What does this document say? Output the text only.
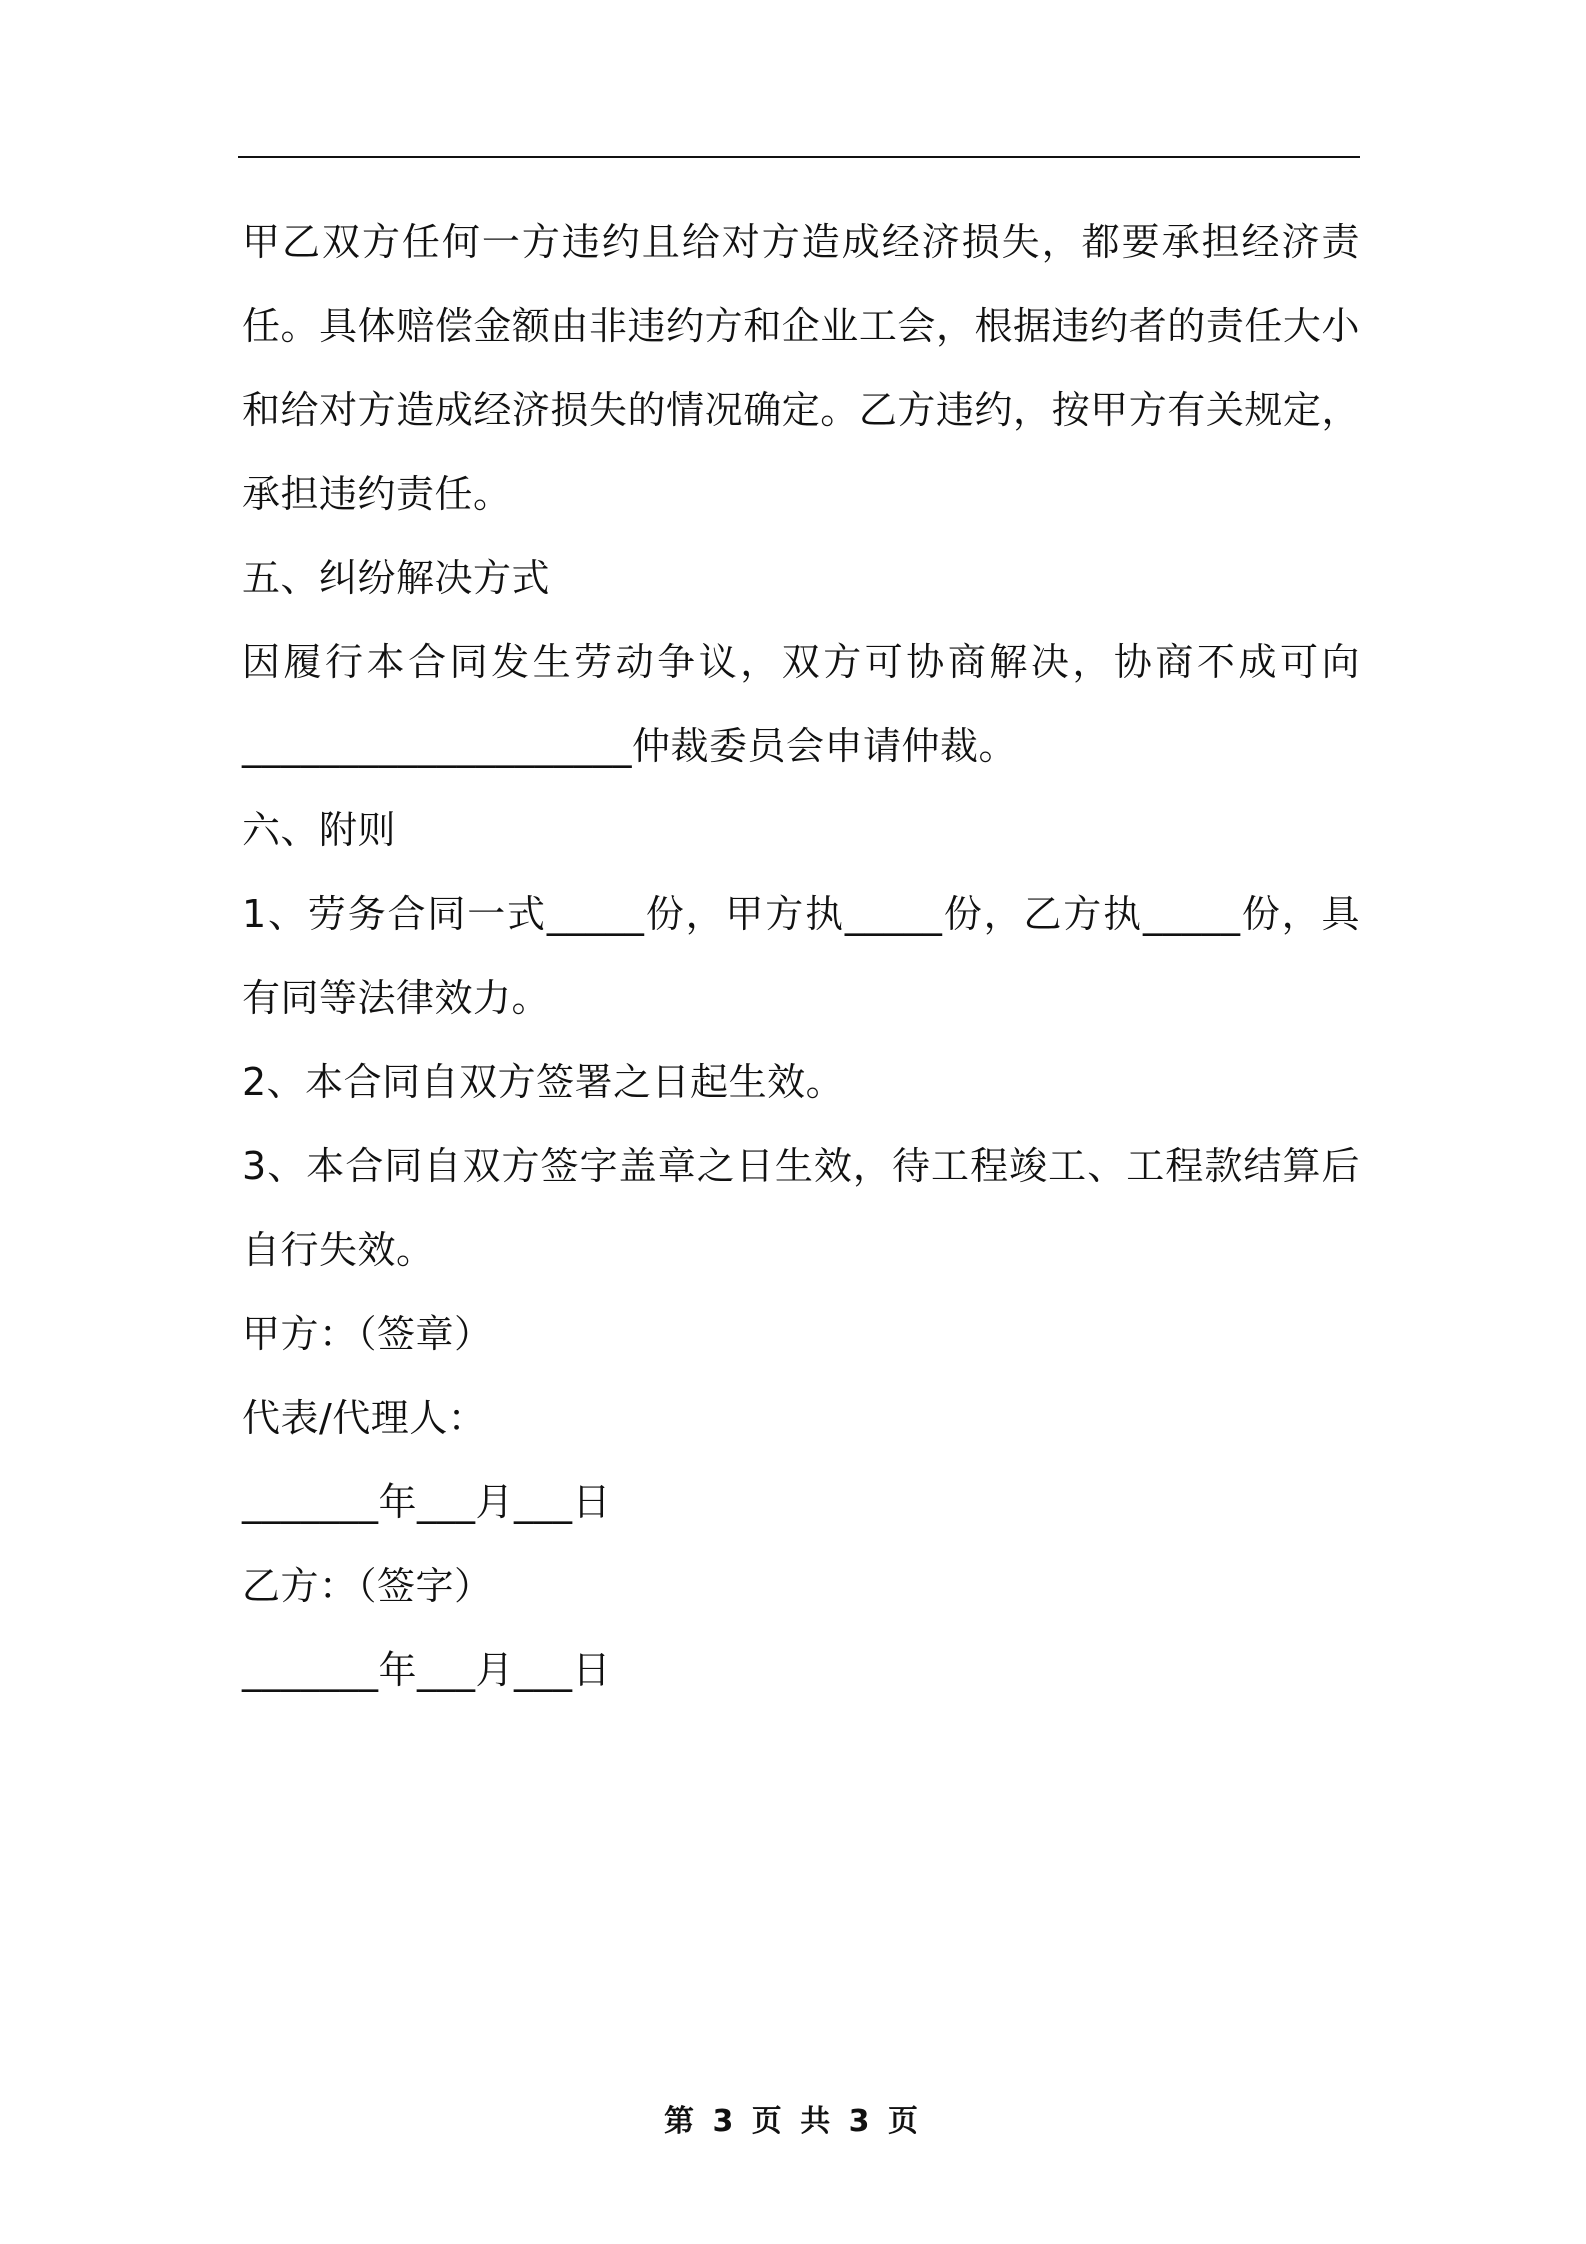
甲乙双方任何一方违约且给对方造成经济损失，都要承担经济责任。具体赔偿金额由非违约方和企业工会，根据违约者的责任大小和给对方造成经济损失的情况确定。乙方违约，按甲方有关规定，承担违约责任。

五、纠纷解决方式

因履行本合同发生劳动争议，双方可协商解决，协商不成可向____________________仲裁委员会申请仲裁。

六、附则

1、劳务合同一式_____份，甲方执_____份，乙方执_____份，具有同等法律效力。

2、本合同自双方签署之日起生效。

3、本合同自双方签字盖章之日生效，待工程竣工、工程款结算后自行失效。

甲方：（签章）

代表/代理人：

_______年___月___日

乙方：（签字）

_______年___月___日

第 3 页 共 3 页
